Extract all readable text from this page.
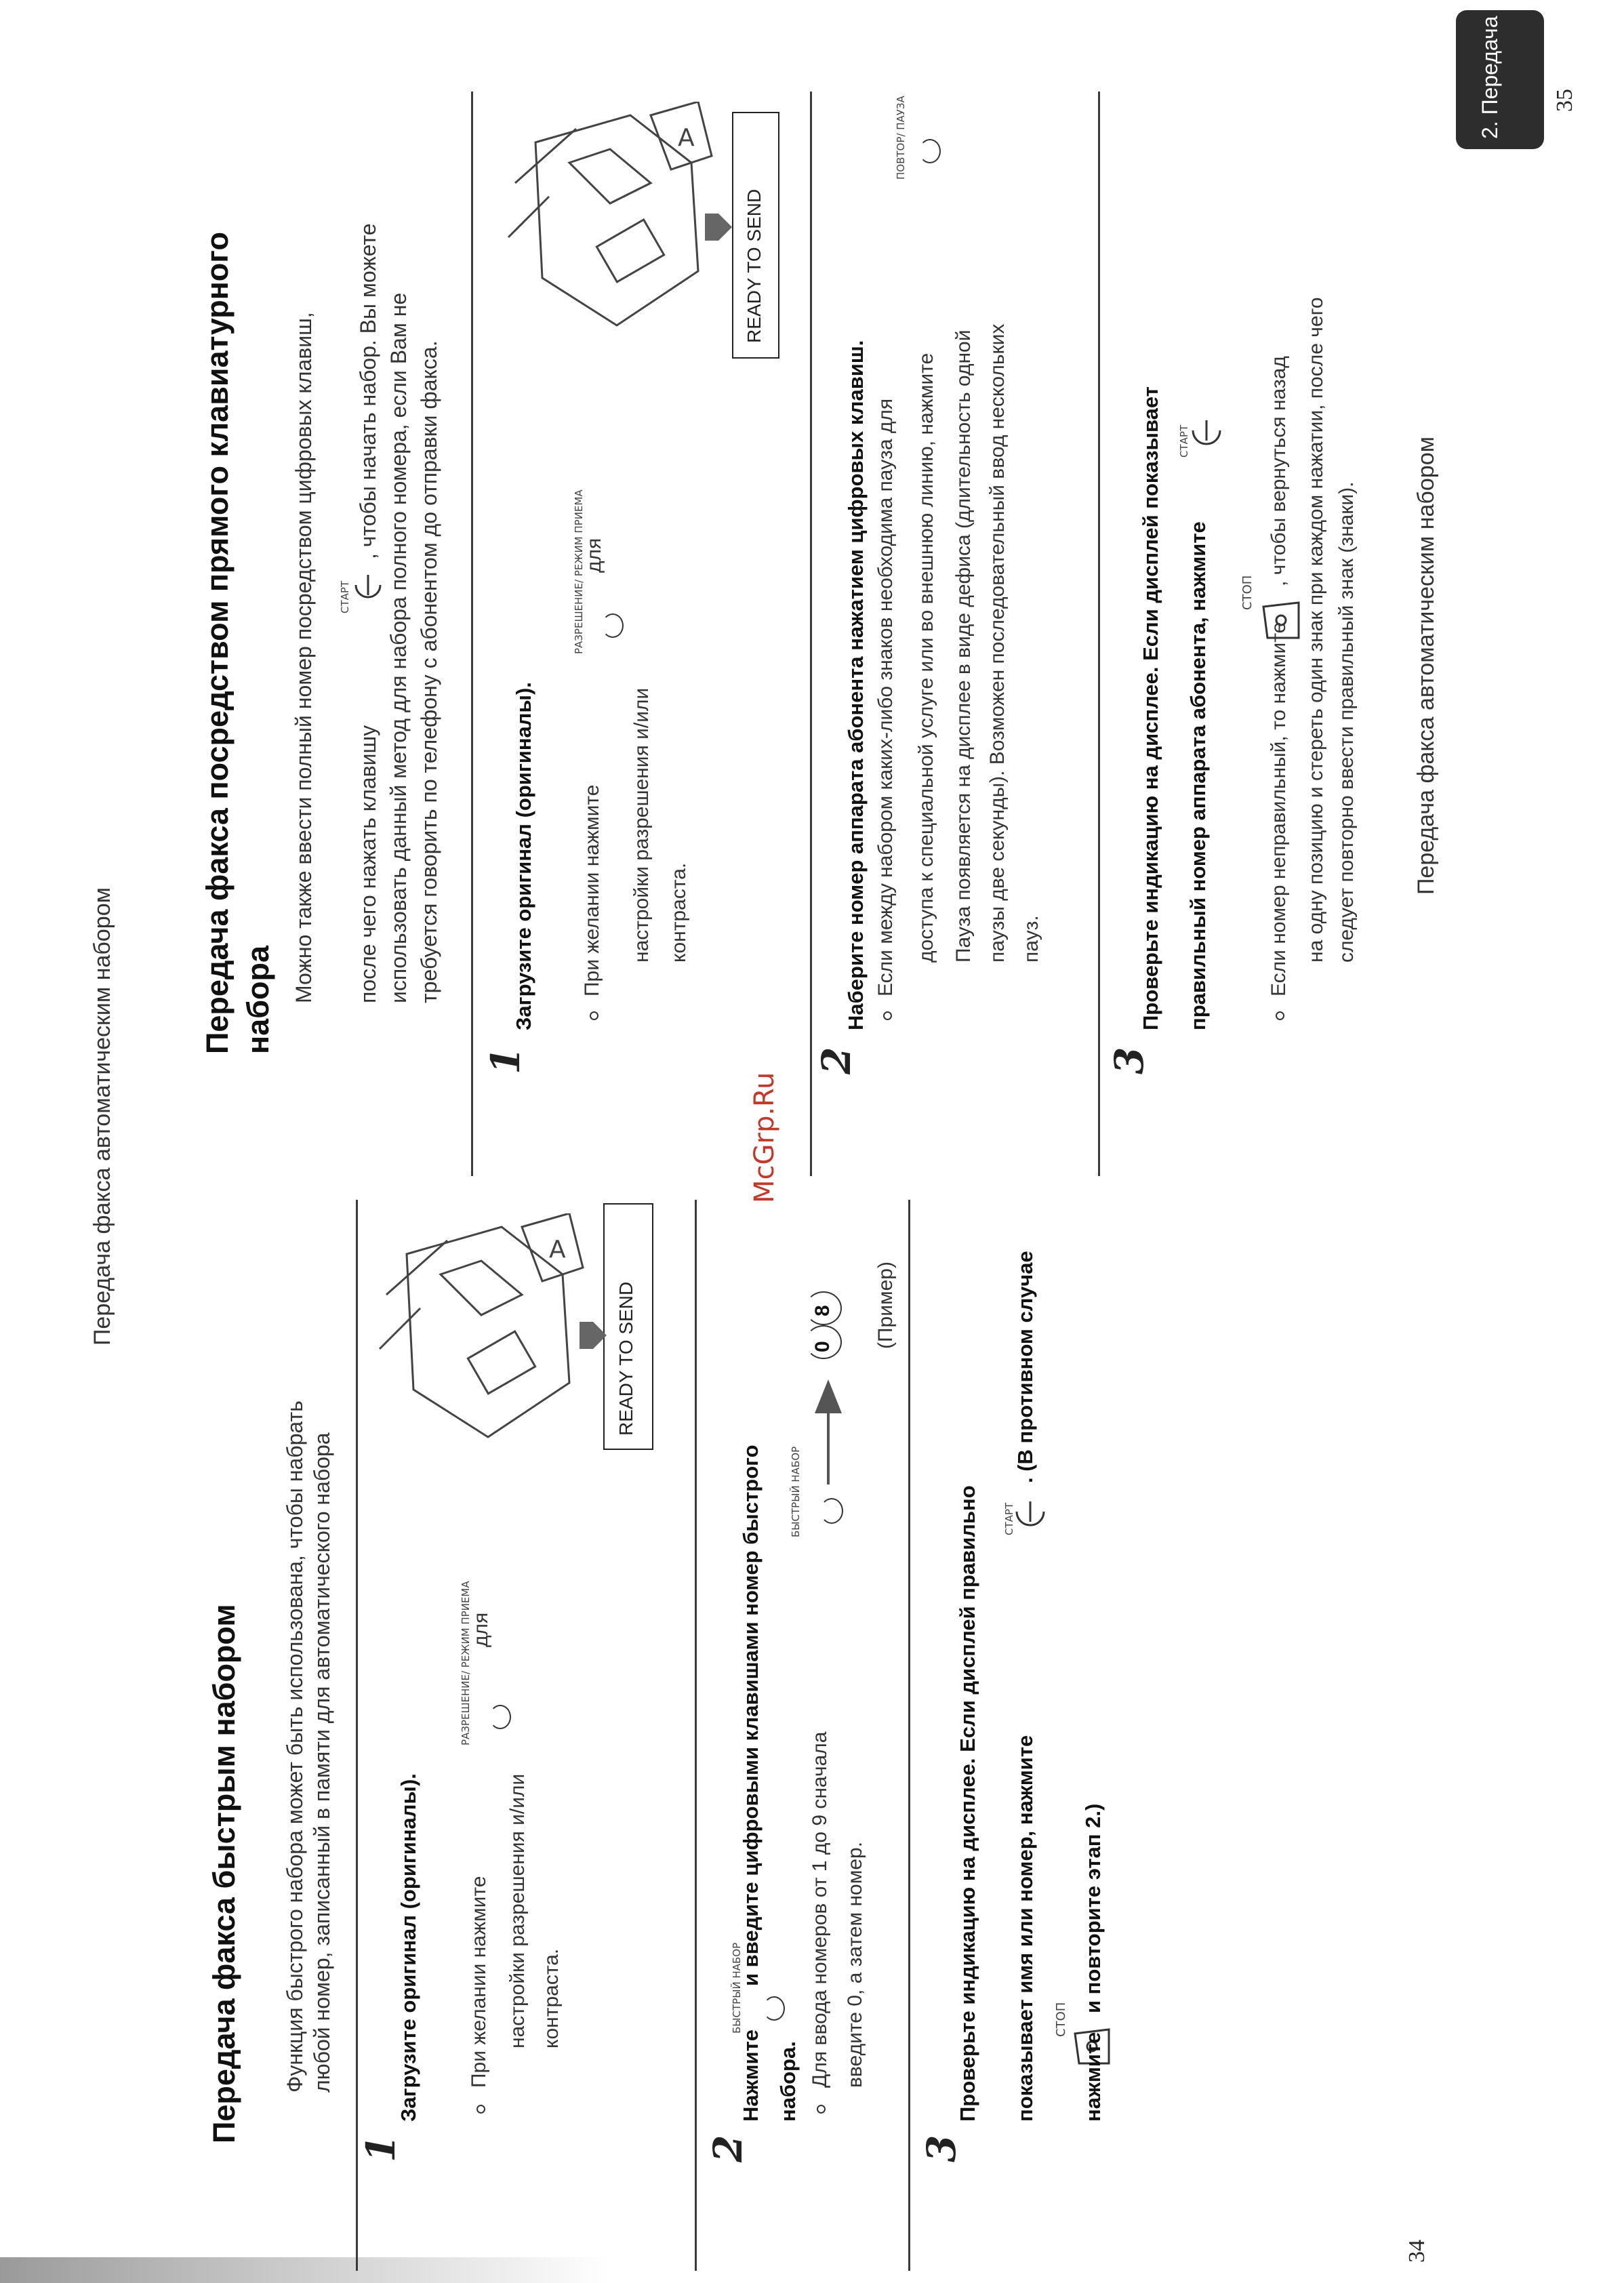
McGrp.Ru
Передача факса автоматическим набором
34
Передача факса быстрым набором Функция быстрого набора может быть использована, чтобы набрать любой номер, записанный в памяти для автоматического набора
1
Загрузите оригинал (оригиналы). При желании нажмите
РАЗРЕШЕНИЕ/ РЕЖИМ ПРИЕМА
для
настройки разрешения и/или контраста.
A
READY TO SEND
2
Нажмите
БЫСТРЫЙ НАБОР
и введите цифровыми клавишами номер быстрого
набора. Для ввода номеров от 1 до 9 сначала введите 0, а затем номер.
БЫСТРЫЙ НАБОР
0
8 (Пример)
3
Проверьте индикацию на дисплее. Если дисплей правильно показывает имя или номер, нажмите
СТАРТ
. (В противном случае
СТОП
нажмите
и повторите этап 2.)
Передача факса автоматическим набором
35
2. Передача
Передача факса посредством прямого клавиатурного набора Можно также ввести полный номер посредством цифровых клавиш, после чего нажать клавишу
СТАРТ
, чтобы начать набор. Вы можете использовать данный метод для набора полного номера, если Вам не требуется говорить по телефону с абонентом до отправки факса.
1
Загрузите оригинал (оригиналы). При желании нажмите
РАЗРЕШЕНИЕ/ РЕЖИМ ПРИЕМА
для
настройки разрешения и/или контраста.
A
READY TO SEND
2
Наберите номер аппарата абонента нажатием цифровых клавиш. Если между набором каких-либо знаков необходима пауза для доступа к специальной услуге или во внешнюю линию, нажмите
ПОВТОР/ ПАУЗА
Пауза появляется на дисплее в виде дефиса (длительность одной паузы две секунды). Возможен последовательный ввод нескольких пауз.
3
Проверьте индикацию на дисплее. Если дисплей показывает правильный номер аппарата абонента, нажмите
СТАРТ
Если номер неправильный, то нажмите
СТОП
, чтобы вернуться назад на одну позицию и стереть один знак при каждом нажатии, после чего следует повторно ввести правильный знак (знаки).
